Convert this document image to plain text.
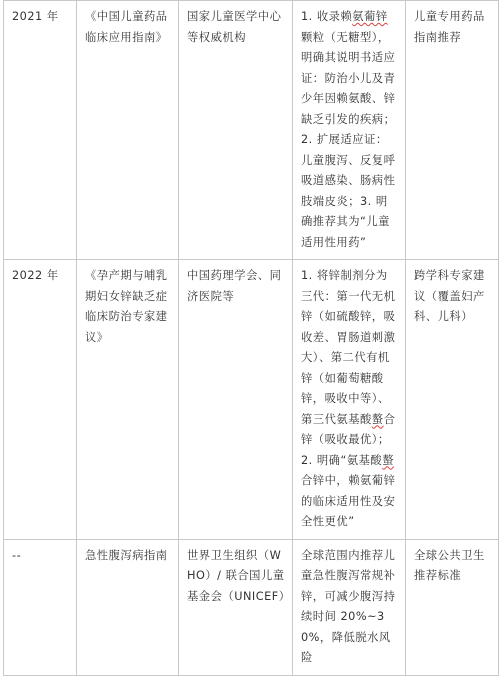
2021 年	《中国儿童药品临床应用指南》	国家儿童医学中心等权威机构	1. 收录赖氨葡锌颗粒（无糖型），明确其说明书适应证：防治小儿及青少年因赖氨酸、锌缺乏引发的疾病；2. 扩展适应证：儿童腹泻、反复呼吸道感染、肠病性肢端皮炎；3. 明确推荐其为“儿童适用性用药”	儿童专用药品指南推荐
2022 年	《孕产期与哺乳期妇女锌缺乏症临床防治专家建议》	中国药理学会、同济医院等	1. 将锌制剂分为三代：第一代无机锌（如硫酸锌，吸收差、胃肠道刺激大）、第二代有机锌（如葡萄糖酸锌，吸收中等）、第三代氨基酸螯合锌（吸收最优）；2. 明确“氨基酸螯合锌中，赖氨葡锌的临床适用性及安全性更优”	跨学科专家建议（覆盖妇产科、儿科）
--	急性腹泻病指南	世界卫生组织（WHO）/ 联合国儿童基金会（UNICEF）	全球范围内推荐儿童急性腹泻常规补锌，可减少腹泻持续时间 20%~30%，降低脱水风险	全球公共卫生推荐标准
